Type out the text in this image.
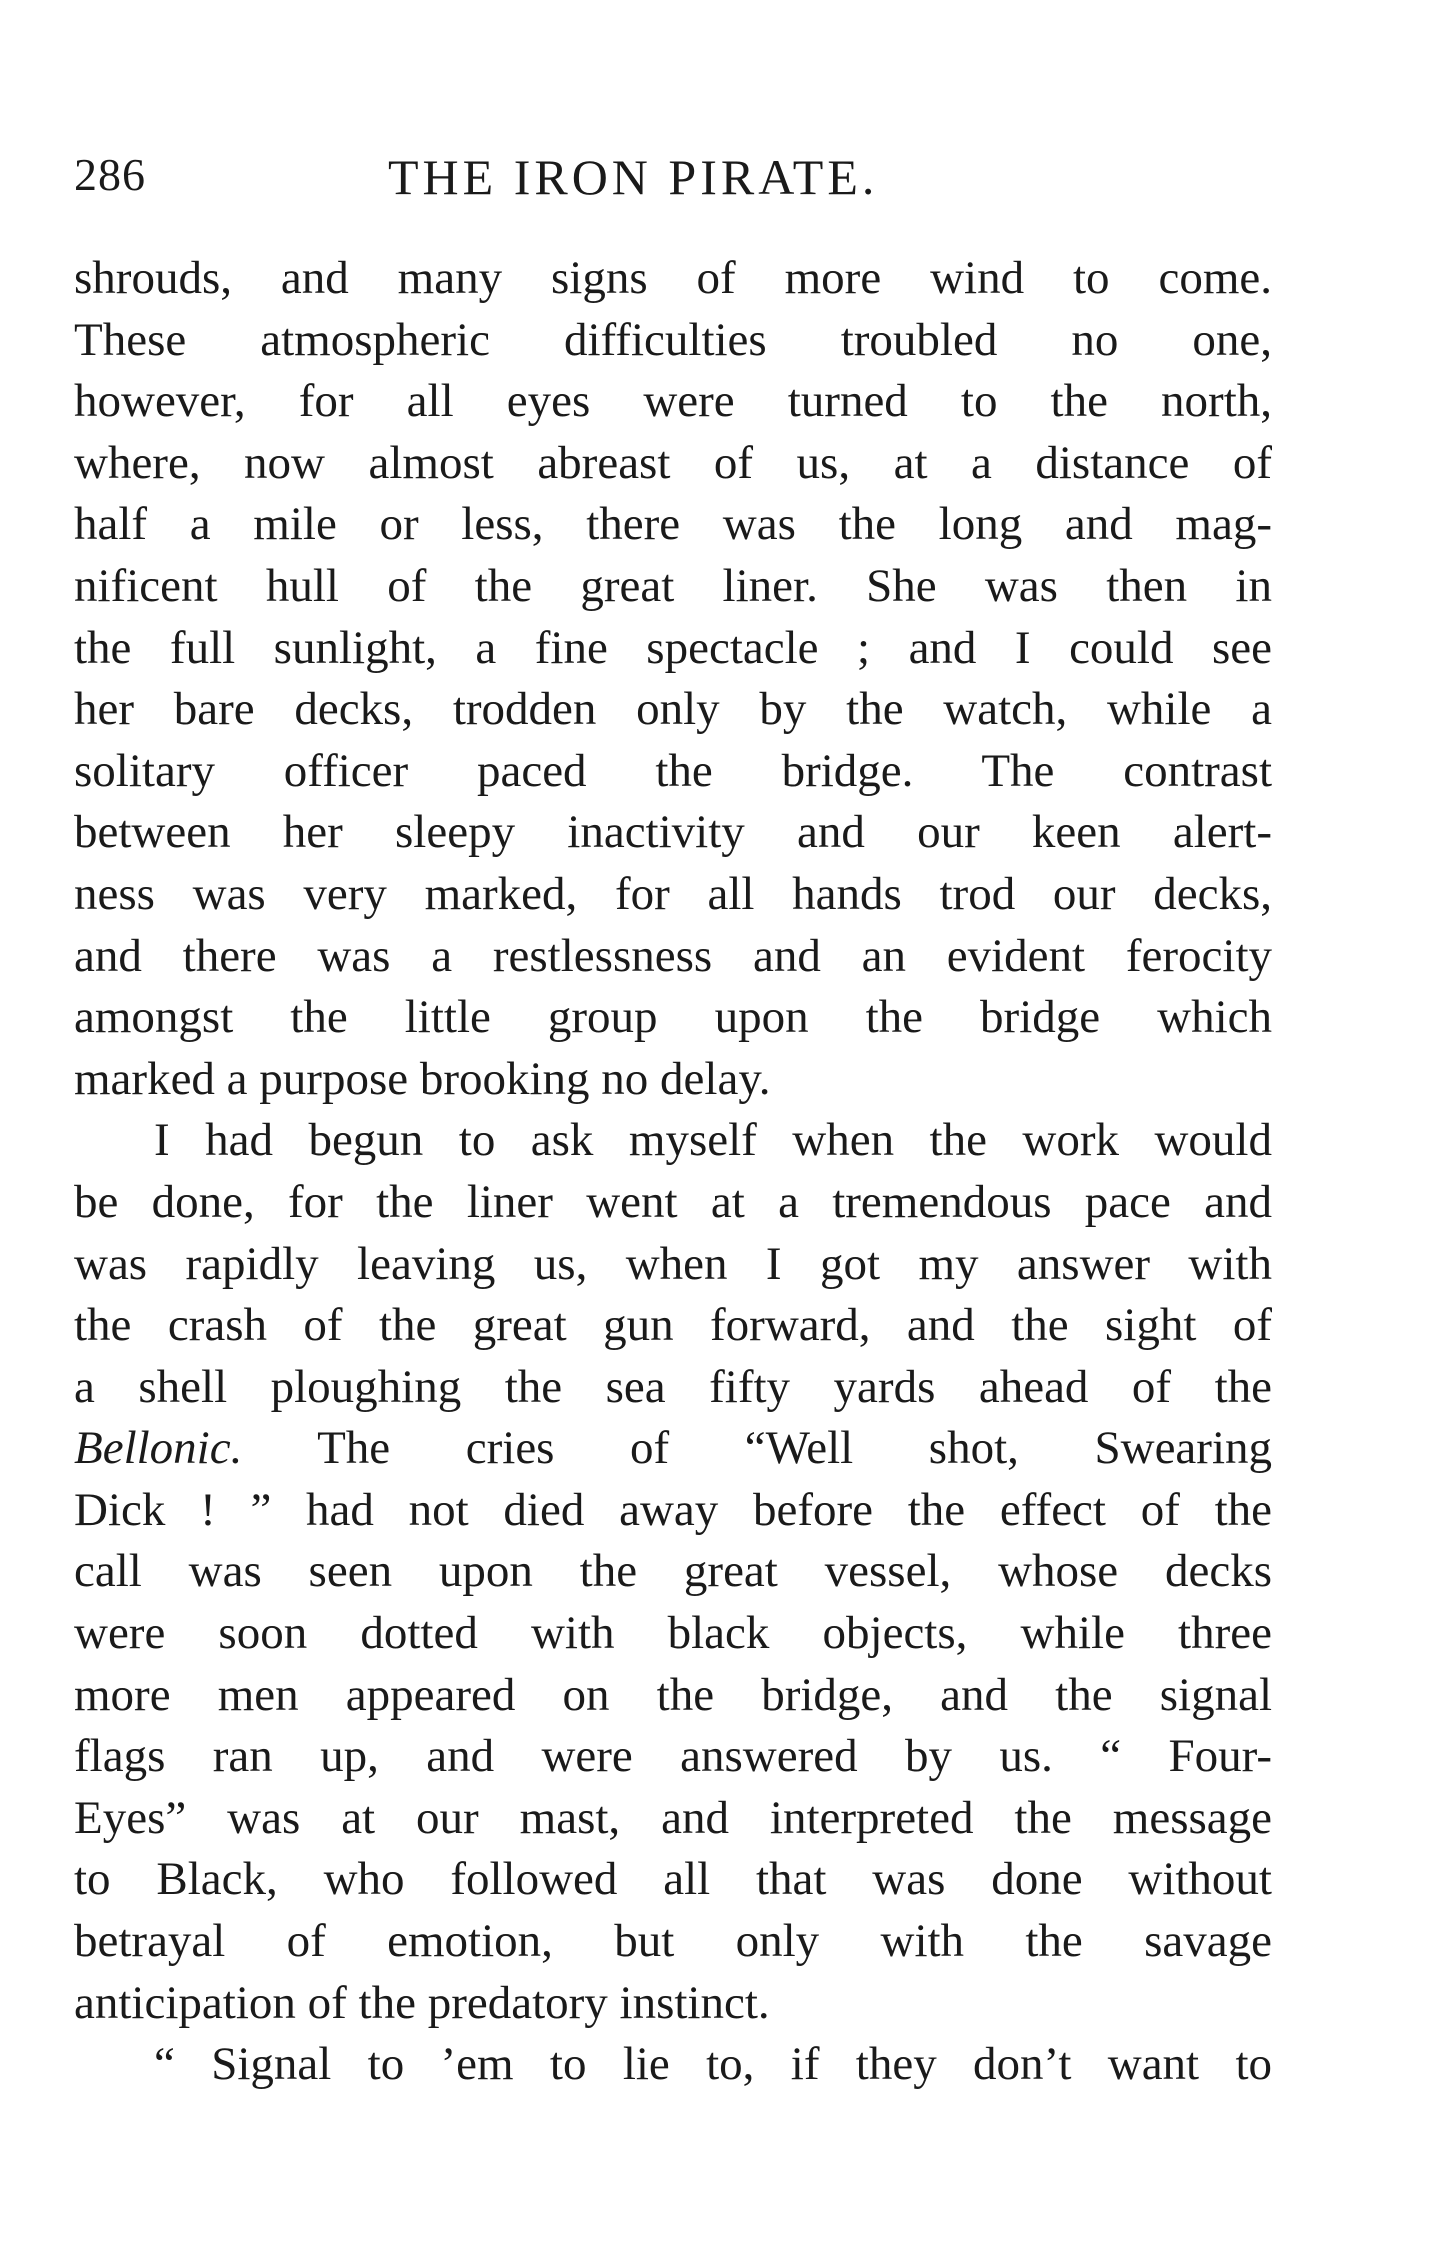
286	THE IRON PIRATE.
shrouds, and many signs of more wind to come.
These atmospheric difficulties troubled no one,
however, for all eyes were turned to the north,
where, now almost abreast of us, at a distance of
half a mile or less, there was the long and mag-
nificent hull of the great liner. She was then in
the full sunlight, a fine spectacle ; and I could see
her bare decks, trodden only by the watch, while a
solitary officer paced the bridge. The contrast
between her sleepy inactivity and our keen alert-
ness was very marked, for all hands trod our decks,
and there was a restlessness and an evident ferocity
amongst the little group upon the bridge which
marked a purpose brooking no delay.
I had begun to ask myself when the work would
be done, for the liner went at a tremendous pace and
was rapidly leaving us, when I got my answer with
the crash of the great gun forward, and the sight of
a shell ploughing the sea fifty yards ahead of the
Bellonic. The cries of “Well shot, Swearing
Dick ! ” had not died away before the effect of the
call was seen upon the great vessel, whose decks
were soon dotted with black objects, while three
more men appeared on the bridge, and the signal
flags ran up, and were answered by us. “ Four-
Eyes” was at our mast, and interpreted the message
to Black, who followed all that was done without
betrayal of emotion, but only with the savage
anticipation of the predatory instinct.
“ Signal to ’em to lie to, if they don’t want to
